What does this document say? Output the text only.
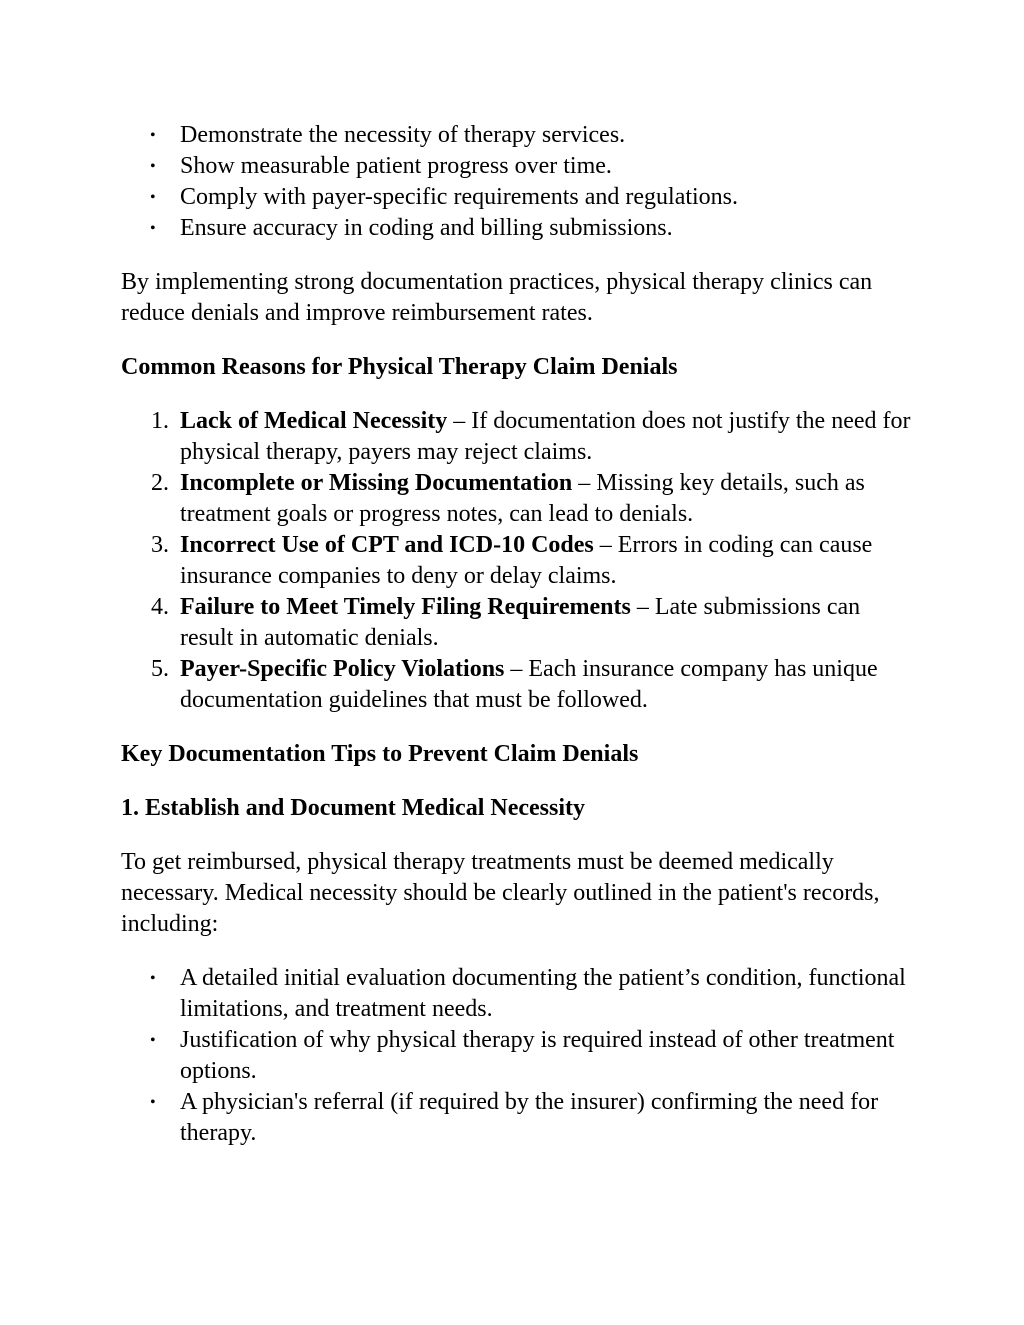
• Demonstrate the necessity of therapy services.
• Show measurable patient progress over time.
• Comply with payer-specific requirements and regulations.
• Ensure accuracy in coding and billing submissions.

By implementing strong documentation practices, physical therapy clinics can reduce denials and improve reimbursement rates.

Common Reasons for Physical Therapy Claim Denials

1. Lack of Medical Necessity – If documentation does not justify the need for physical therapy, payers may reject claims.
2. Incomplete or Missing Documentation – Missing key details, such as treatment goals or progress notes, can lead to denials.
3. Incorrect Use of CPT and ICD-10 Codes – Errors in coding can cause insurance companies to deny or delay claims.
4. Failure to Meet Timely Filing Requirements – Late submissions can result in automatic denials.
5. Payer-Specific Policy Violations – Each insurance company has unique documentation guidelines that must be followed.

Key Documentation Tips to Prevent Claim Denials

1. Establish and Document Medical Necessity

To get reimbursed, physical therapy treatments must be deemed medically necessary. Medical necessity should be clearly outlined in the patient's records, including:

• A detailed initial evaluation documenting the patient’s condition, functional limitations, and treatment needs.
• Justification of why physical therapy is required instead of other treatment options.
• A physician's referral (if required by the insurer) confirming the need for therapy.
